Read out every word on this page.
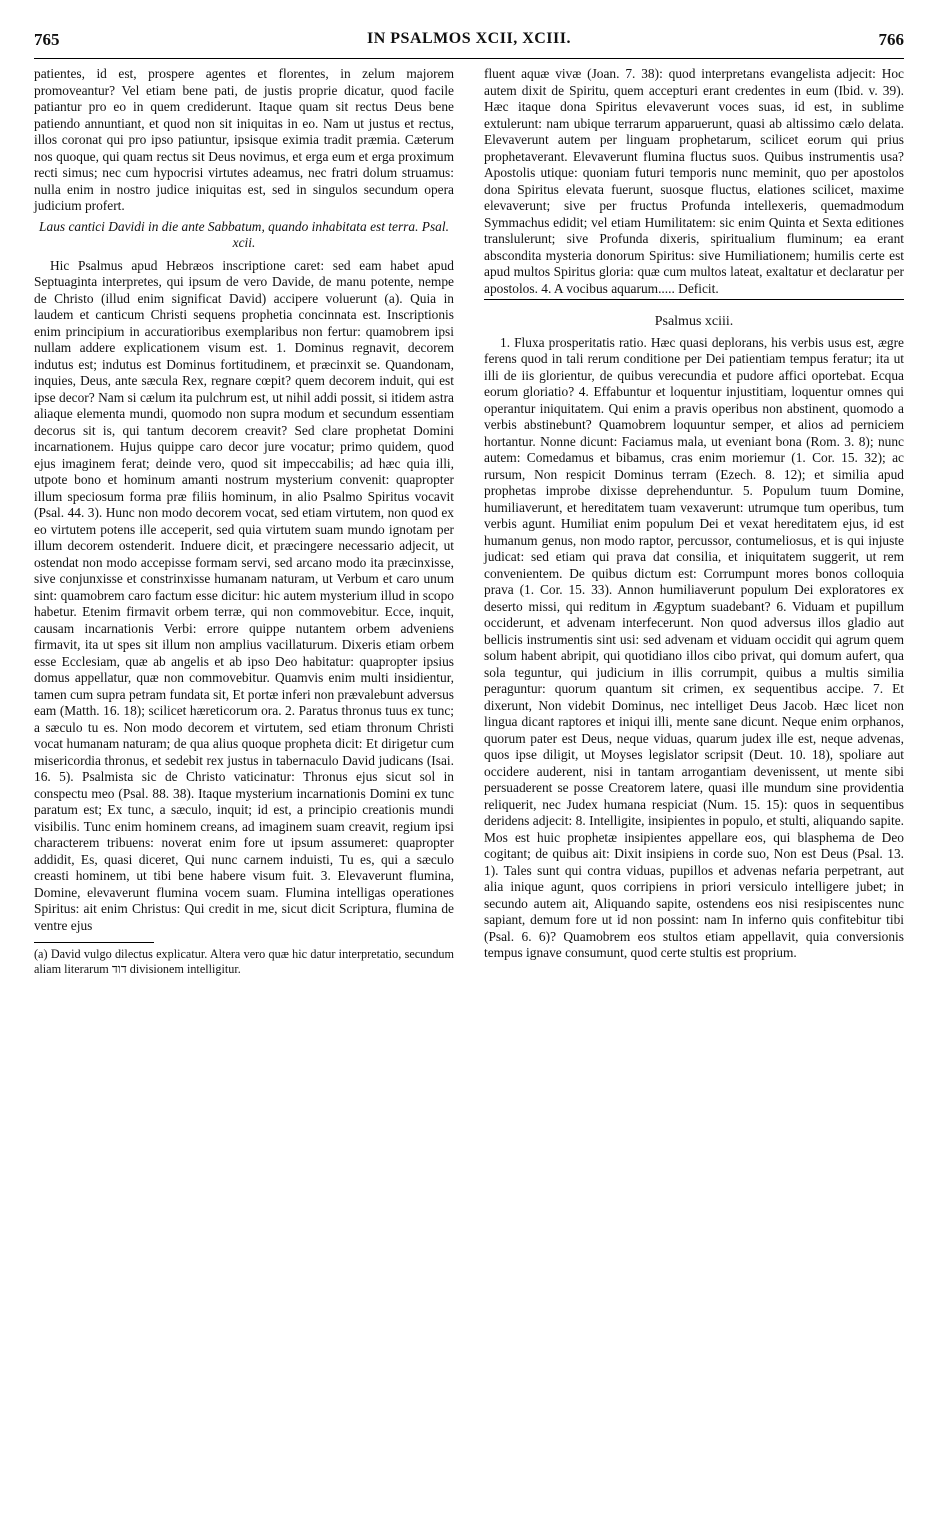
765	IN PSALMOS XCII, XCIII.	766

patientes, id est, prospere agentes et florentes, in zelum majorem promoveantur? Vel etiam bene pati, de justis proprie dicatur, quod facile patiantur pro eo in quem crediderunt. Itaque quam sit rectus Deus bene patiendo annuntiant, et quod non sit iniquitas in eo. Nam ut justus et rectus, illos coronat qui pro ipso patiuntur, ipsisque eximia tradit præmia. Cæterum nos quoque, qui quam rectus sit Deus novimus, et erga eum et erga proximum recti simus; nec cum hypocrisi virtutes adeamus, nec fratri dolum struamus: nulla enim in nostro judice iniquitas est, sed in singulos secundum opera judicium profert.

Laus cantici Davidi in die ante Sabbatum, quando inhabitata est terra. Psal. xcii.

Hic Psalmus apud Hebræos inscriptione caret: sed eam habet apud Septuaginta interpretes, qui ipsum de vero Davide, de manu potente, nempe de Christo (illud enim significat David) accipere voluerunt (a). Quia in laudem et canticum Christi sequens prophetia concinnata est. Inscriptionis enim principium in accuratioribus exemplaribus non fertur: quamobrem ipsi nullam addere explicationem visum est. 1. Dominus regnavit, decorem indutus est; indutus est Dominus fortitudinem, et præcinxit se. Quandonam, inquies, Deus, ante sæcula Rex, regnare cœpit? quem decorem induit, qui est ipse decor? Nam si cælum ita pulchrum est, ut nihil addi possit, si itidem astra aliaque elementa mundi, quomodo non supra modum et secundum essentiam decorus sit is, qui tantum decorem creavit? Sed clare prophetat Domini incarnationem. Hujus quippe caro decor jure vocatur; primo quidem, quod ejus imaginem ferat; deinde vero, quod sit impeccabilis; ad hæc quia illi, utpote bono et hominum amanti nostrum mysterium convenit: quapropter illum speciosum forma præ filiis hominum, in alio Psalmo Spiritus vocavit (Psal. 44. 3). Hunc non modo decorem vocat, sed etiam virtutem, non quod ex eo virtutem potens ille acceperit, sed quia virtutem suam mundo ignotam per illum decorem ostenderit. Induere dicit, et præcingere necessario adjecit, ut ostendat non modo accepisse formam servi, sed arcano modo ita præcinxisse, sive conjunxisse et constrinxisse humanam naturam, ut Verbum et caro unum sint: quamobrem caro factum esse dicitur: hic autem mysterium illud in scopo habetur. Etenim firmavit orbem terræ, qui non commovebitur. Ecce, inquit, causam incarnationis Verbi: errore quippe nutantem orbem adveniens firmavit, ita ut spes sit illum non amplius vacillaturum. Dixeris etiam orbem esse Ecclesiam, quæ ab angelis et ab ipso Deo habitatur: quapropter ipsius domus appellatur, quæ non commovebitur. Quamvis enim multi insidientur, tamen cum supra petram fundata sit, Et portæ inferi non prævalebunt adversus eam (Matth. 16. 18); scilicet hæreticorum ora. 2. Paratus thronus tuus ex tunc; a sæculo tu es. Non modo decorem et virtutem, sed etiam thronum Christi vocat humanam naturam; de qua alius quoque propheta dicit: Et dirigetur cum misericordia thronus, et sedebit rex justus in tabernaculo David judicans (Isai. 16. 5). Psalmista sic de Christo vaticinatur: Thronus ejus sicut sol in conspectu meo (Psal. 88. 38). Itaque mysterium incarnationis Domini ex tunc paratum est; Ex tunc, a sæculo, inquit; id est, a principio creationis mundi visibilis. Tunc enim hominem creans, ad imaginem suam creavit, regium ipsi characterem tribuens: noverat enim fore ut ipsum assumeret: quapropter addidit, Es, quasi diceret, Qui nunc carnem induisti, Tu es, qui a sæculo creasti hominem, ut tibi bene habere visum fuit. 3. Elevaverunt flumina, Domine, elevaverunt flumina vocem suam. Flumina intelligas operationes Spiritus: ait enim Christus: Qui credit in me, sicut dicit Scriptura, flumina de ventre ejus

(a) David vulgo dilectus explicatur. Altera vero quæ hic datur interpretatio, secundum aliam literarum דוד divisionem intelligitur.

fluent aquæ vivæ (Joan. 7. 38): quod interpretans evangelista adjecit: Hoc autem dixit de Spiritu, quem accepturi erant credentes in eum (Ibid. v. 39). Hæc itaque dona Spiritus elevaverunt voces suas, id est, in sublime extulerunt: nam ubique terrarum apparuerunt, quasi ab altissimo cælo delata. Elevaverunt autem per linguam prophetarum, scilicet eorum qui prius prophetaverant. Elevaverunt flumina fluctus suos. Quibus instrumentis usa? Apostolis utique: quoniam futuri temporis nunc meminit, quo per apostolos dona Spiritus elevata fuerunt, suosque fluctus, elationes scilicet, maxime elevaverunt; sive per fructus Profunda intellexeris, quemadmodum Symmachus edidit; vel etiam Humilitatem: sic enim Quinta et Sexta editiones translulerunt; sive Profunda dixeris, spiritualium fluminum; ea erant abscondita mysteria donorum Spiritus: sive Humiliationem; humilis certe est apud multos Spiritus gloria: quæ cum multos lateat, exaltatur et declaratur per apostolos. 4. A vocibus aquarum..... Deficit.

Psalmus xciii.

1. Fluxa prosperitatis ratio. Hæc quasi deplorans, his verbis usus est, ægre ferens quod in tali rerum conditione per Dei patientiam tempus feratur; ita ut illi de iis glorientur, de quibus verecundia et pudore affici oportebat. Ecqua eorum gloriatio? 4. Effabuntur et loquentur injustitiam, loquentur omnes qui operantur iniquitatem. Qui enim a pravis operibus non abstinent, quomodo a verbis abstinebunt? Quamobrem loquuntur semper, et alios ad perniciem hortantur. Nonne dicunt: Faciamus mala, ut eveniant bona (Rom. 3. 8); nunc autem: Comedamus et bibamus, cras enim moriemur (1. Cor. 15. 32); ac rursum, Non respicit Dominus terram (Ezech. 8. 12); et similia apud prophetas improbe dixisse deprehenduntur. 5. Populum tuum Domine, humiliaverunt, et hereditatem tuam vexaverunt: utrumque tum operibus, tum verbis agunt. Humiliat enim populum Dei et vexat hereditatem ejus, id est humanum genus, non modo raptor, percussor, contumeliosus, et is qui injuste judicat: sed etiam qui prava dat consilia, et iniquitatem suggerit, ut rem convenientem. De quibus dictum est: Corrumpunt mores bonos colloquia prava (1. Cor. 15. 33). Annon humiliaverunt populum Dei exploratores ex deserto missi, qui reditum in Ægyptum suadebant? 6. Viduam et pupillum occiderunt, et advenam interfecerunt. Non quod adversus illos gladio aut bellicis instrumentis sint usi: sed advenam et viduam occidit qui agrum quem solum habent abripit, qui quotidiano illos cibo privat, qui domum aufert, qua sola teguntur, qui judicium in illis corrumpit, quibus a multis similia peraguntur: quorum quantum sit crimen, ex sequentibus accipe. 7. Et dixerunt, Non videbit Dominus, nec intelliget Deus Jacob. Hæc licet non lingua dicant raptores et iniqui illi, mente sane dicunt. Neque enim orphanos, quorum pater est Deus, neque viduas, quarum judex ille est, neque advenas, quos ipse diligit, ut Moyses legislator scripsit (Deut. 10. 18), spoliare aut occidere auderent, nisi in tantam arrogantiam devenissent, ut mente sibi persuaderent se posse Creatorem latere, quasi ille mundum sine providentia reliquerit, nec Judex humana respiciat (Num. 15. 15): quos in sequentibus deridens adjecit: 8. Intelligite, insipientes in populo, et stulti, aliquando sapite. Mos est huic prophetæ insipientes appellare eos, qui blasphema de Deo cogitant; de quibus ait: Dixit insipiens in corde suo, Non est Deus (Psal. 13. 1). Tales sunt qui contra viduas, pupillos et advenas nefaria perpetrant, aut alia inique agunt, quos corripiens in priori versiculo intelligere jubet; in secundo autem ait, Aliquando sapite, ostendens eos nisi resipiscentes nunc sapiant, demum fore ut id non possint: nam In inferno quis confitebitur tibi (Psal. 6. 6)? Quamobrem eos stultos etiam appellavit, quia conversionis tempus ignave consumunt, quod certe stultis est proprium.
